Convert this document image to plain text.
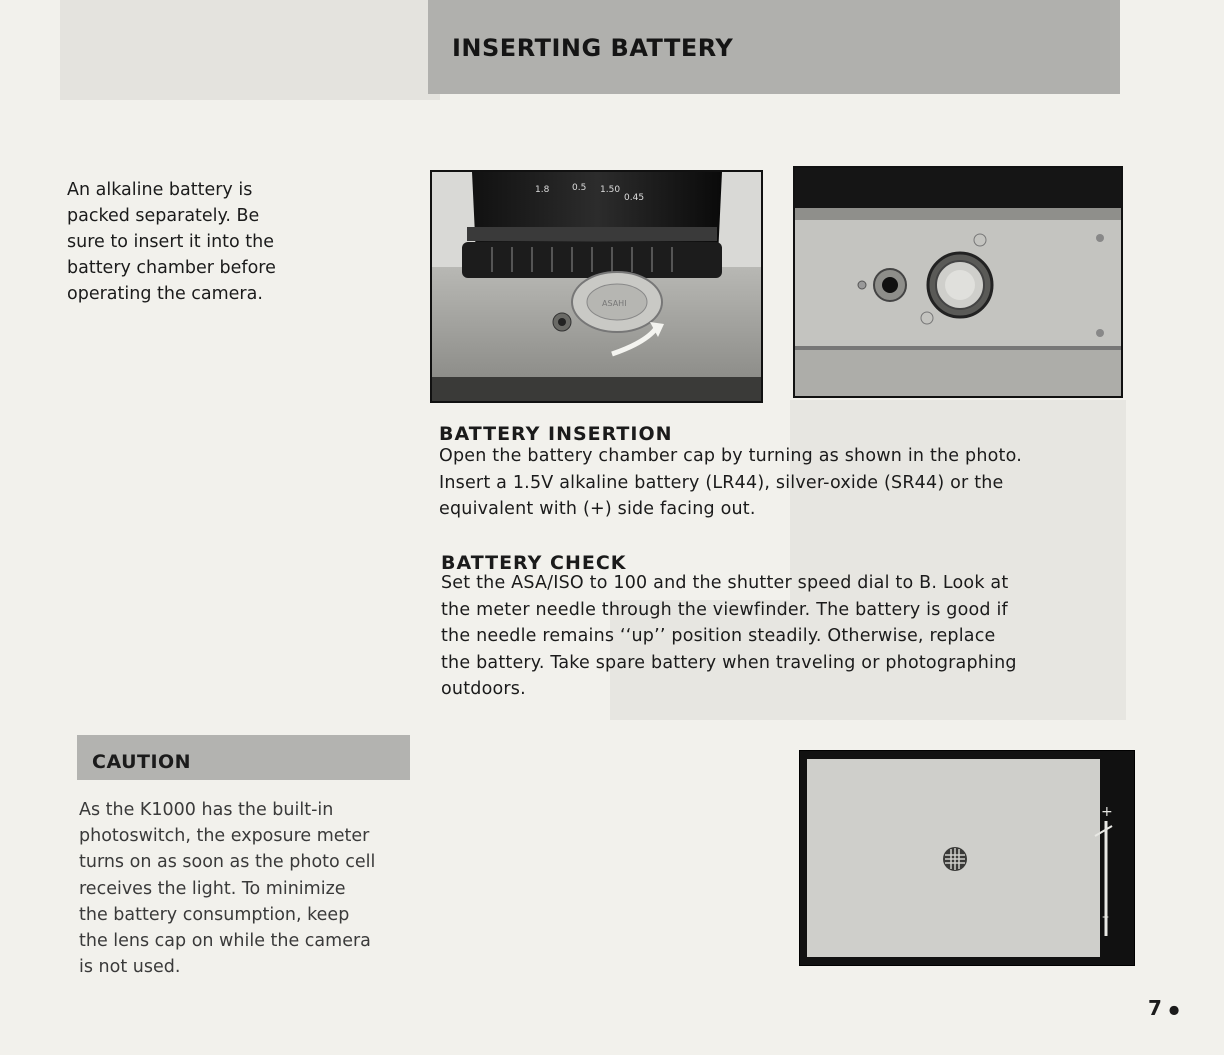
INSERTING BATTERY

An alkaline battery is
packed separately. Be
sure to insert it into the
battery chamber before
operating the camera.

1.8	0.5 1.50
0.45
ASAHI
BATTERY INSERTION

Open the battery chamber cap by turning as shown in the photo.
Insert a 1.5V alkaline battery (LR44), silver-oxide (SR44) or the
equivalent with (+) side facing out.

BATTERY CHECK

Set the ASA/ISO to 100 and the shutter speed dial to B. Look at
the meter needle through the viewfinder. The battery is good if
the needle remains ‘‘up’’ position steadily. Otherwise, replace
the battery. Take spare battery when traveling or photographing
outdoors.

CAUTION

As the K1000 has the built-in
photoswitch, the exposure meter
turns on as soon as the photo cell
receives the light. To minimize
the battery consumption, keep
the lens cap on while the camera
is not used.

+
–
7 ●
